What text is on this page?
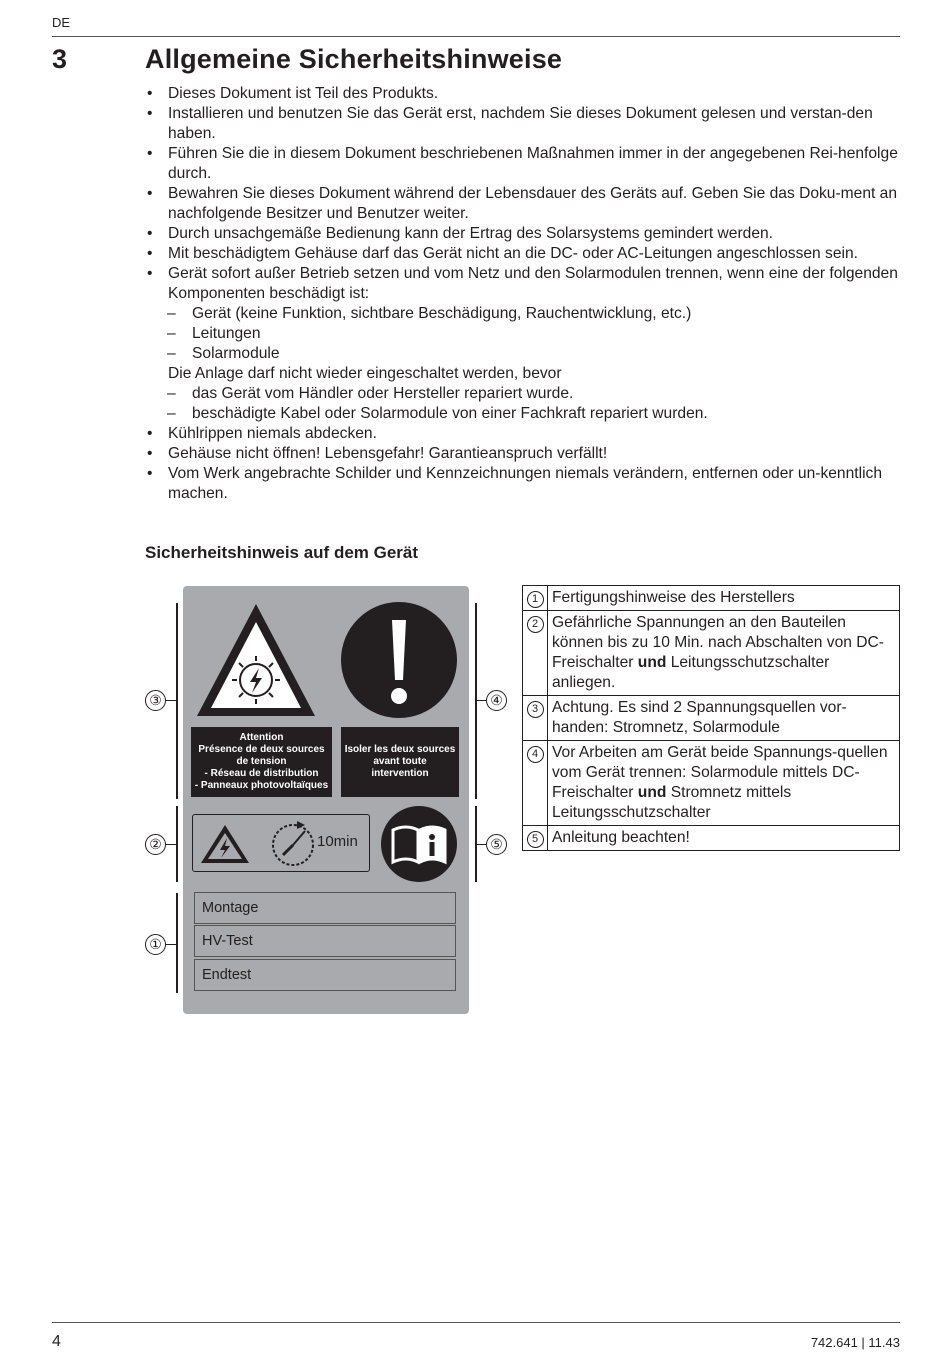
DE
3	Allgemeine Sicherheitshinweise
• Dieses Dokument ist Teil des Produkts.
• Installieren und benutzen Sie das Gerät erst, nachdem Sie dieses Dokument gelesen und verstan-den haben.
• Führen Sie die in diesem Dokument beschriebenen Maßnahmen immer in der angegebenen Rei-henfolge durch.
• Bewahren Sie dieses Dokument während der Lebensdauer des Geräts auf. Geben Sie das Doku-ment an nachfolgende Besitzer und Benutzer weiter.
• Durch unsachgemäße Bedienung kann der Ertrag des Solarsystems gemindert werden.
• Mit beschädigtem Gehäuse darf das Gerät nicht an die DC- oder AC-Leitungen angeschlossen sein.
• Gerät sofort außer Betrieb setzen und vom Netz und den Solarmodulen trennen, wenn eine der folgenden Komponenten beschädigt ist:
– Gerät (keine Funktion, sichtbare Beschädigung, Rauchentwicklung, etc.)
– Leitungen
– Solarmodule
Die Anlage darf nicht wieder eingeschaltet werden, bevor
– das Gerät vom Händler oder Hersteller repariert wurde.
– beschädigte Kabel oder Solarmodule von einer Fachkraft repariert wurden.
• Kühlrippen niemals abdecken.
• Gehäuse nicht öffnen! Lebensgefahr! Garantieanspruch verfällt!
• Vom Werk angebrachte Schilder und Kennzeichnungen niemals verändern, entfernen oder un-kenntlich machen.
Sicherheitshinweis auf dem Gerät
③	④
②	⑤
①
Attention
Présence de deux sources
de tension
- Réseau de distribution
- Panneaux photovoltaïques
Isoler les deux sources
avant toute
intervention
10min
Montage
HV-Test
Endtest
1	Fertigungshinweise des Herstellers
2	Gefährliche Spannungen an den Bauteilen können bis zu 10 Min. nach Abschalten von DC-Freischalter und Leitungsschutzschalter anliegen.
3	Achtung. Es sind 2 Spannungsquellen vor-handen: Stromnetz, Solarmodule
4	Vor Arbeiten am Gerät beide Spannungs-quellen vom Gerät trennen: Solarmodule mittels DC-Freischalter und Stromnetz mittels Leitungsschutzschalter
5	Anleitung beachten!
4	742.641 | 11.43
